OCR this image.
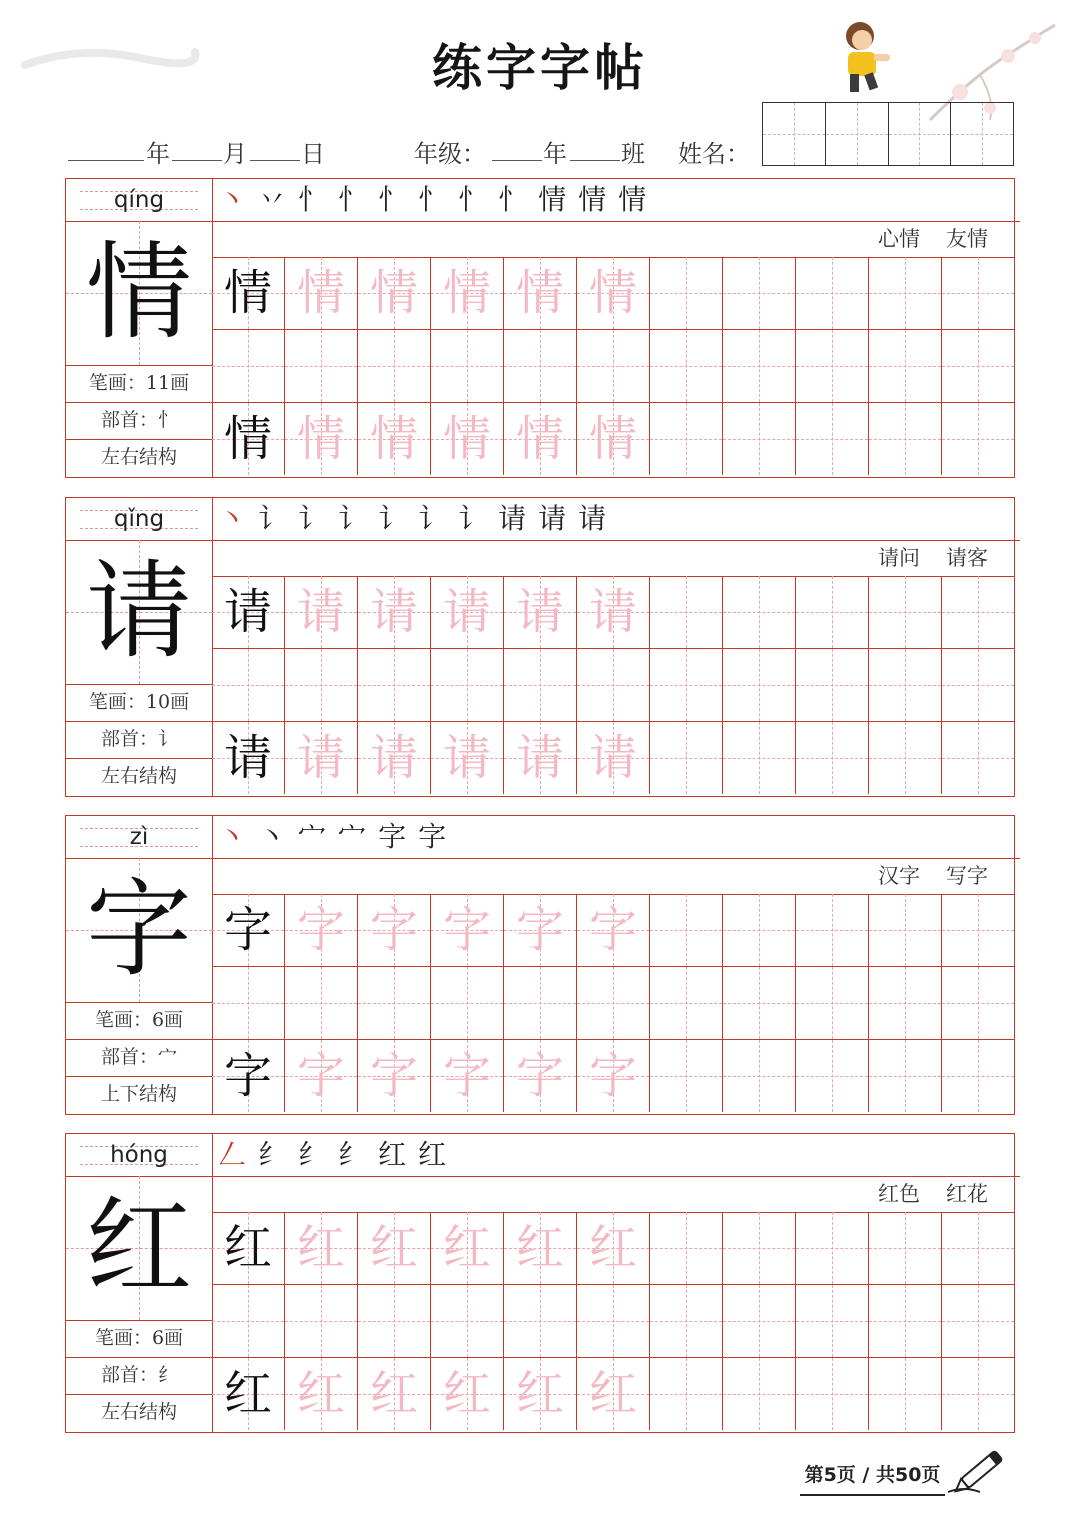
练字字帖
年 月 日	年级： 年 班 姓名：
qíng
情
笔画：11画
部首：忄
左右结构
丶 丷 忄 忄 忄 忄 忄 忄 情 情 情
心情 友情
情 情 情 情 情 情
情 情 情 情 情 情
qǐng
请
笔画：10画
部首：讠
左右结构
丶 讠 讠 讠 讠 讠 讠 请 请 请
请问 请客
请 请 请 请 请 请
请 请 请 请 请 请
zì
字
笔画：6画
部首：宀
上下结构
丶 丶 宀 宀 字 字
汉字 写字
字 字 字 字 字 字
字 字 字 字 字 字
hóng
红
笔画：6画
部首：纟
左右结构
𠃋 纟 纟 纟 红 红
红色 红花
红 红 红 红 红 红
红 红 红 红 红 红
第5页 / 共50页
